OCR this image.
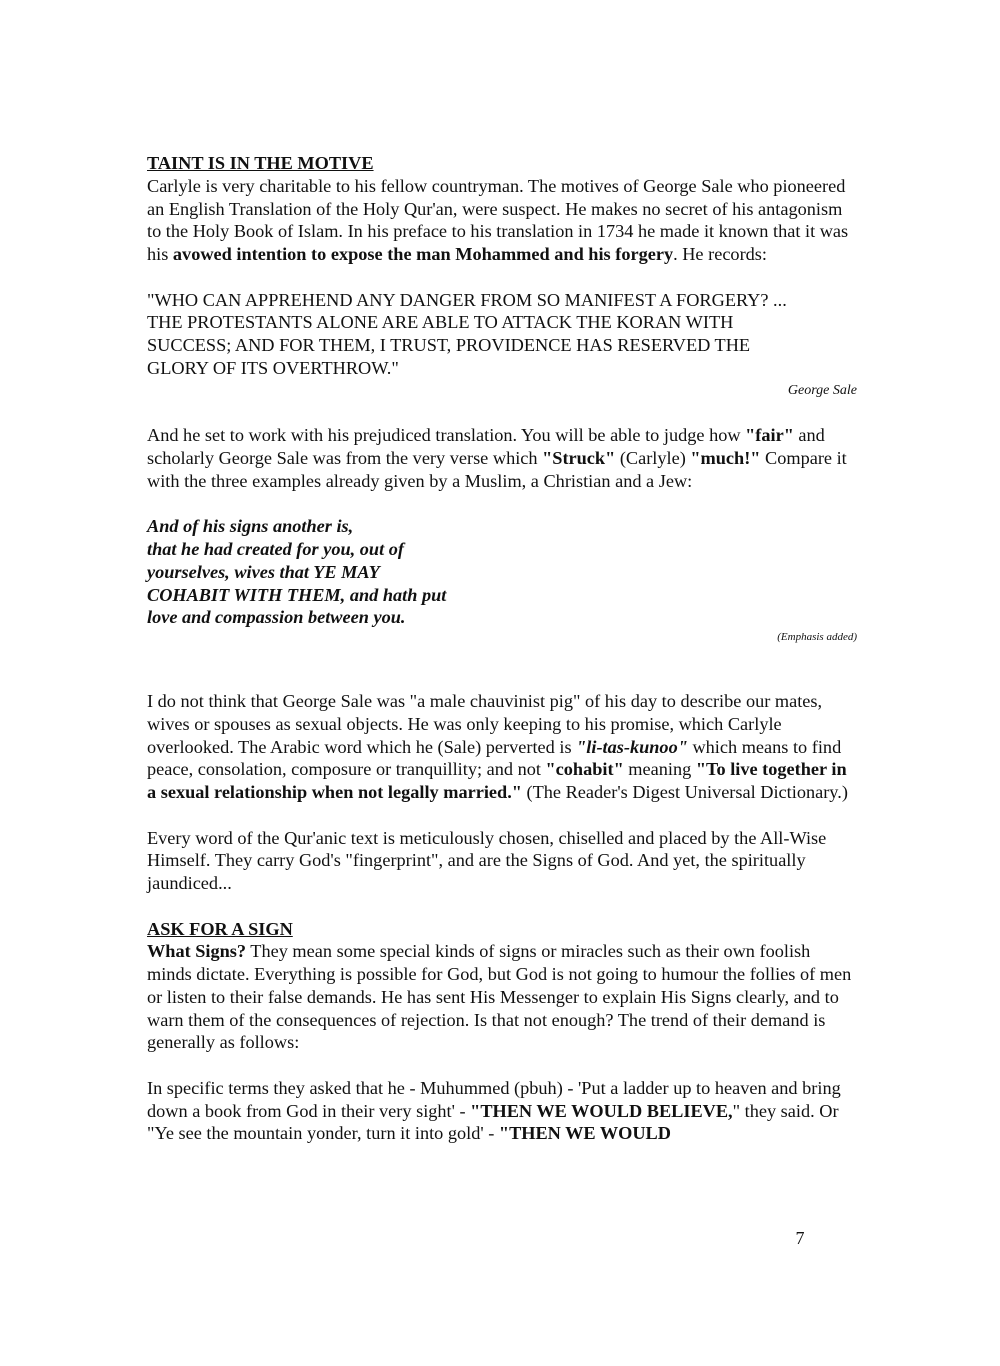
TAINT IS IN THE MOTIVE

Carlyle is very charitable to his fellow countryman. The motives of George Sale who pioneered an English Translation of the Holy Qur'an, were suspect. He makes no secret of his antagonism to the Holy Book of Islam. In his preface to his translation in 1734 he made it known that it was his avowed intention to expose the man Mohammed and his forgery. He records:

"WHO CAN APPREHEND ANY DANGER FROM SO MANIFEST A FORGERY? ...

THE PROTESTANTS ALONE ARE ABLE TO ATTACK THE KORAN WITH

SUCCESS; AND FOR THEM, I TRUST, PROVIDENCE HAS RESERVED THE

GLORY OF ITS OVERTHROW."

George Sale

And he set to work with his prejudiced translation. You will be able to judge how "fair" and scholarly George Sale was from the very verse which "Struck" (Carlyle) "much!" Compare it with the three examples already given by a Muslim, a Christian and a Jew:

And of his signs another is,

that he had created for you, out of

yourselves, wives that YE MAY

COHABIT WITH THEM, and hath put

love and compassion between you.

(Emphasis added)

I do not think that George Sale was "a male chauvinist pig" of his day to describe our mates, wives or spouses as sexual objects. He was only keeping to his promise, which Carlyle overlooked. The Arabic word which he (Sale) perverted is "li-tas-kunoo" which means to find peace, consolation, composure or tranquillity; and not "cohabit" meaning "To live together in a sexual relationship when not legally married." (The Reader's Digest Universal Dictionary.)

Every word of the Qur'anic text is meticulously chosen, chiselled and placed by the All-Wise Himself. They carry God's "fingerprint", and are the Signs of God. And yet, the spiritually jaundiced...

ASK FOR A SIGN

What Signs? They mean some special kinds of signs or miracles such as their own foolish minds dictate. Everything is possible for God, but God is not going to humour the follies of men or listen to their false demands. He has sent His Messenger to explain His Signs clearly, and to warn them of the consequences of rejection. Is that not enough? The trend of their demand is generally as follows:

In specific terms they asked that he - Muhummed (pbuh) - 'Put a ladder up to heaven and bring down a book from God in their very sight' - "THEN WE WOULD BELIEVE," they said. Or "Ye see the mountain yonder, turn it into gold' - "THEN WE WOULD

7
